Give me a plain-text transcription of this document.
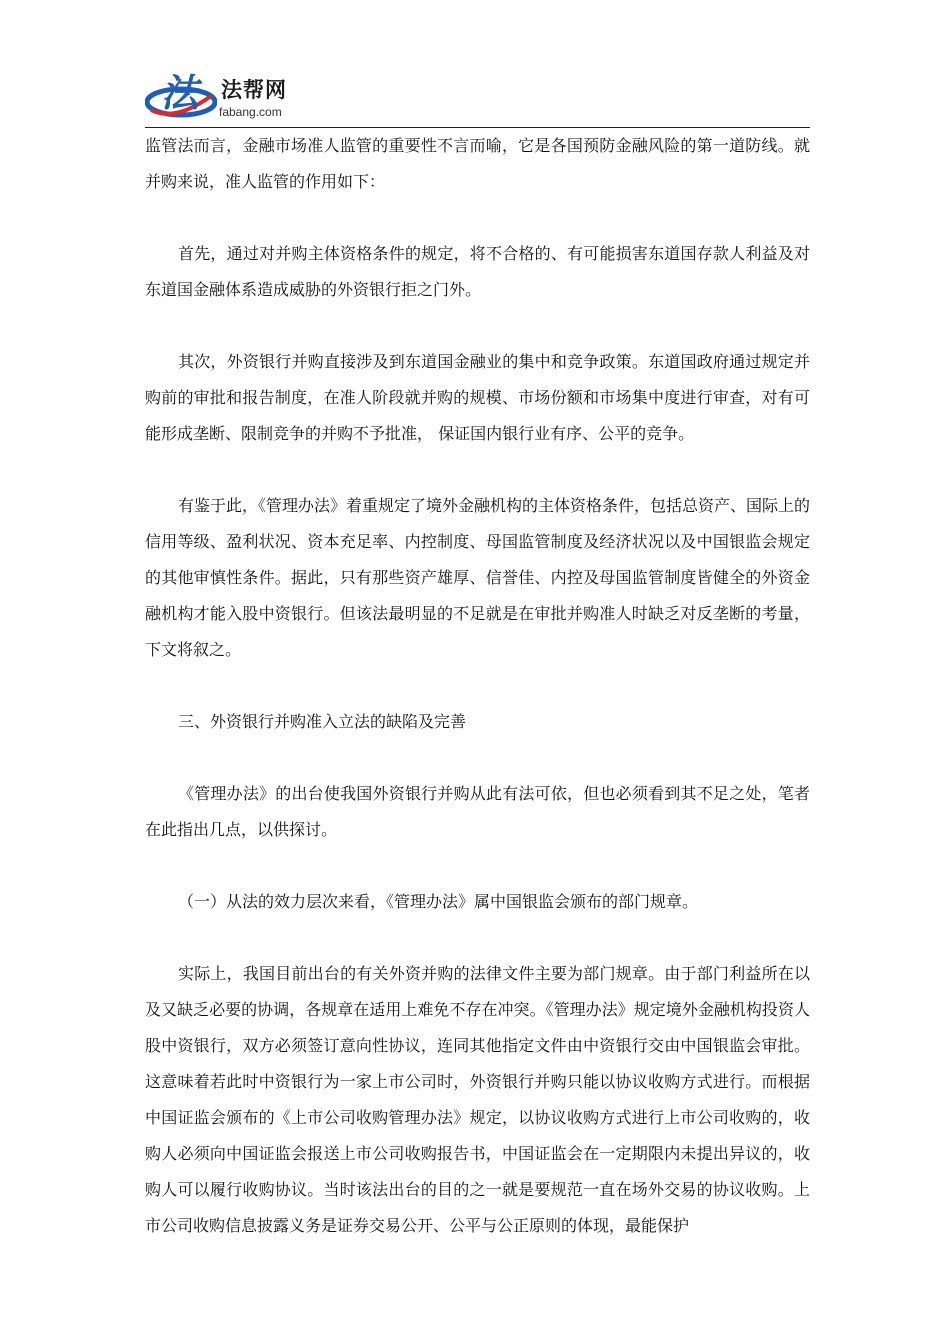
法 法帮网
fabang.com

监管法而言，金融市场准人监管的重要性不言而喻，它是各国预防金融风险的第一道防线。就并购来说，准人监管的作用如下：

首先，通过对并购主体资格条件的规定，将不合格的、有可能损害东道国存款人利益及对东道国金融体系造成威胁的外资银行拒之门外。

其次，外资银行并购直接涉及到东道国金融业的集中和竞争政策。东道国政府通过规定并购前的审批和报告制度，在准人阶段就并购的规模、市场份额和市场集中度进行审查，对有可能形成垄断、限制竞争的并购不予批准， 保证国内银行业有序、公平的竞争。

有鉴于此，《管理办法》着重规定了境外金融机构的主体资格条件，包括总资产、国际上的信用等级、盈利状况、资本充足率、内控制度、母国监管制度及经济状况以及中国银监会规定的其他审慎性条件。据此，只有那些资产雄厚、信誉佳、内控及母国监管制度皆健全的外资金融机构才能入股中资银行。但该法最明显的不足就是在审批并购准人时缺乏对反垄断的考量，下文将叙之。

三、外资银行并购准入立法的缺陷及完善

《管理办法》的出台使我国外资银行并购从此有法可依，但也必须看到其不足之处，笔者在此指出几点，以供探讨。

（一）从法的效力层次来看，《管理办法》属中国银监会颁布的部门规章。

实际上，我国目前出台的有关外资并购的法律文件主要为部门规章。由于部门利益所在以及又缺乏必要的协调，各规章在适用上难免不存在冲突。《管理办法》规定境外金融机构投资人股中资银行，双方必须签订意向性协议，连同其他指定文件由中资银行交由中国银监会审批。这意味着若此时中资银行为一家上市公司时，外资银行并购只能以协议收购方式进行。而根据中国证监会颁布的《上市公司收购管理办法》规定，以协议收购方式进行上市公司收购的，收购人必须向中国证监会报送上市公司收购报告书，中国证监会在一定期限内未提出异议的，收购人可以履行收购协议。当时该法出台的目的之一就是要规范一直在场外交易的协议收购。上市公司收购信息披露义务是证券交易公开、公平与公正原则的体现，最能保护
